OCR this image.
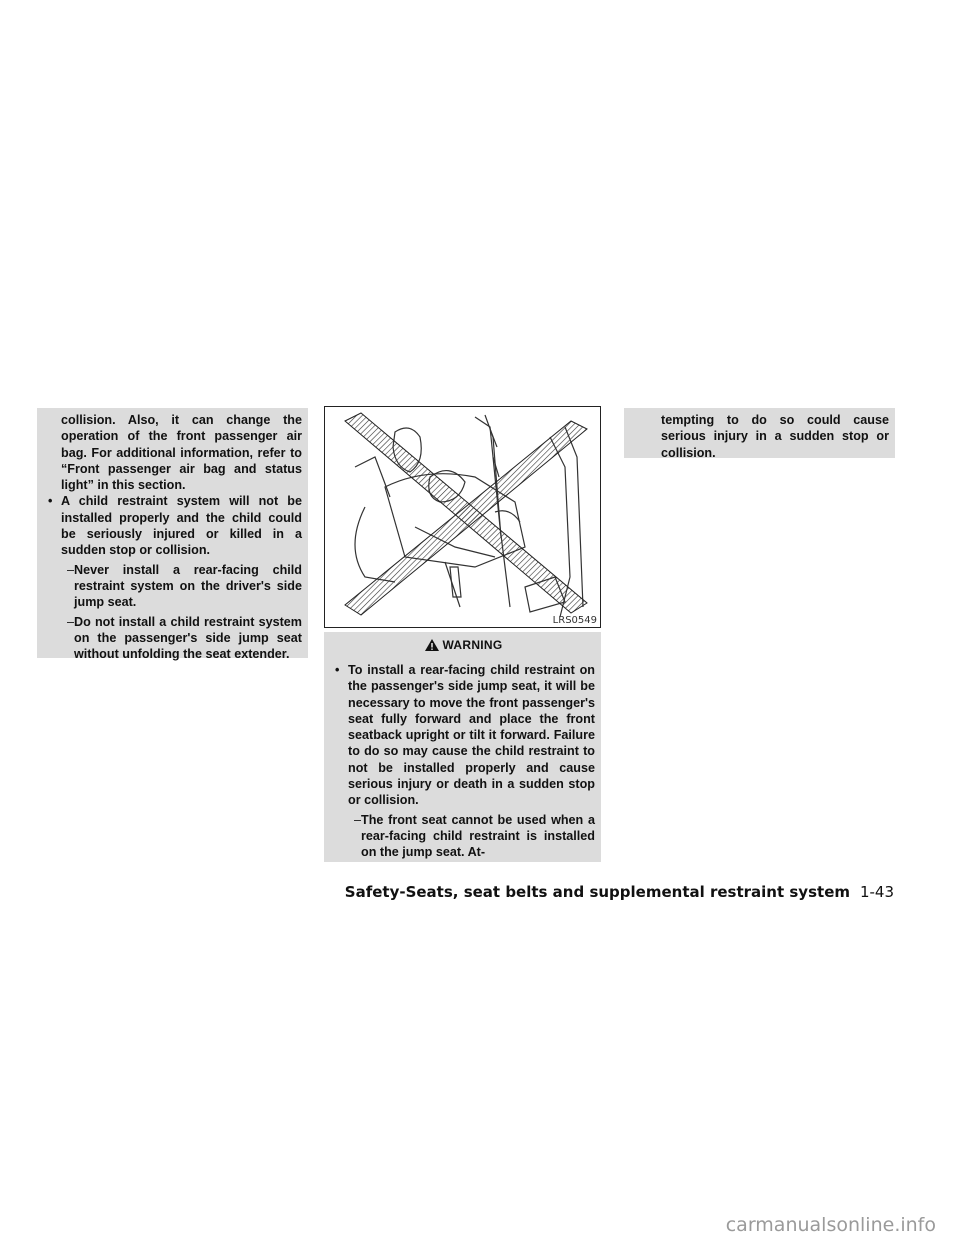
collision. Also, it can change the operation of the front passenger air bag. For additional information, refer to “Front passenger air bag and status light” in this section.

• A child restraint system will not be installed properly and the child could be seriously injured or killed in a sudden stop or collision.

– Never install a rear-facing child restraint system on the driver's side jump seat.

– Do not install a child restraint system on the passenger's side jump seat without unfolding the seat extender.

LRS0549

WARNING

• To install a rear-facing child restraint on the passenger's side jump seat, it will be necessary to move the front passenger's seat fully forward and place the front seatback upright or tilt it forward. Failure to do so may cause the child restraint to not be installed properly and cause serious injury or death in a sudden stop or collision.

– The front seat cannot be used when a rear-facing child restraint is installed on the jump seat. At-

tempting to do so could cause serious injury in a sudden stop or collision.

Safety-Seats, seat belts and supplemental restraint system 1-43
carmanualsonline.info
